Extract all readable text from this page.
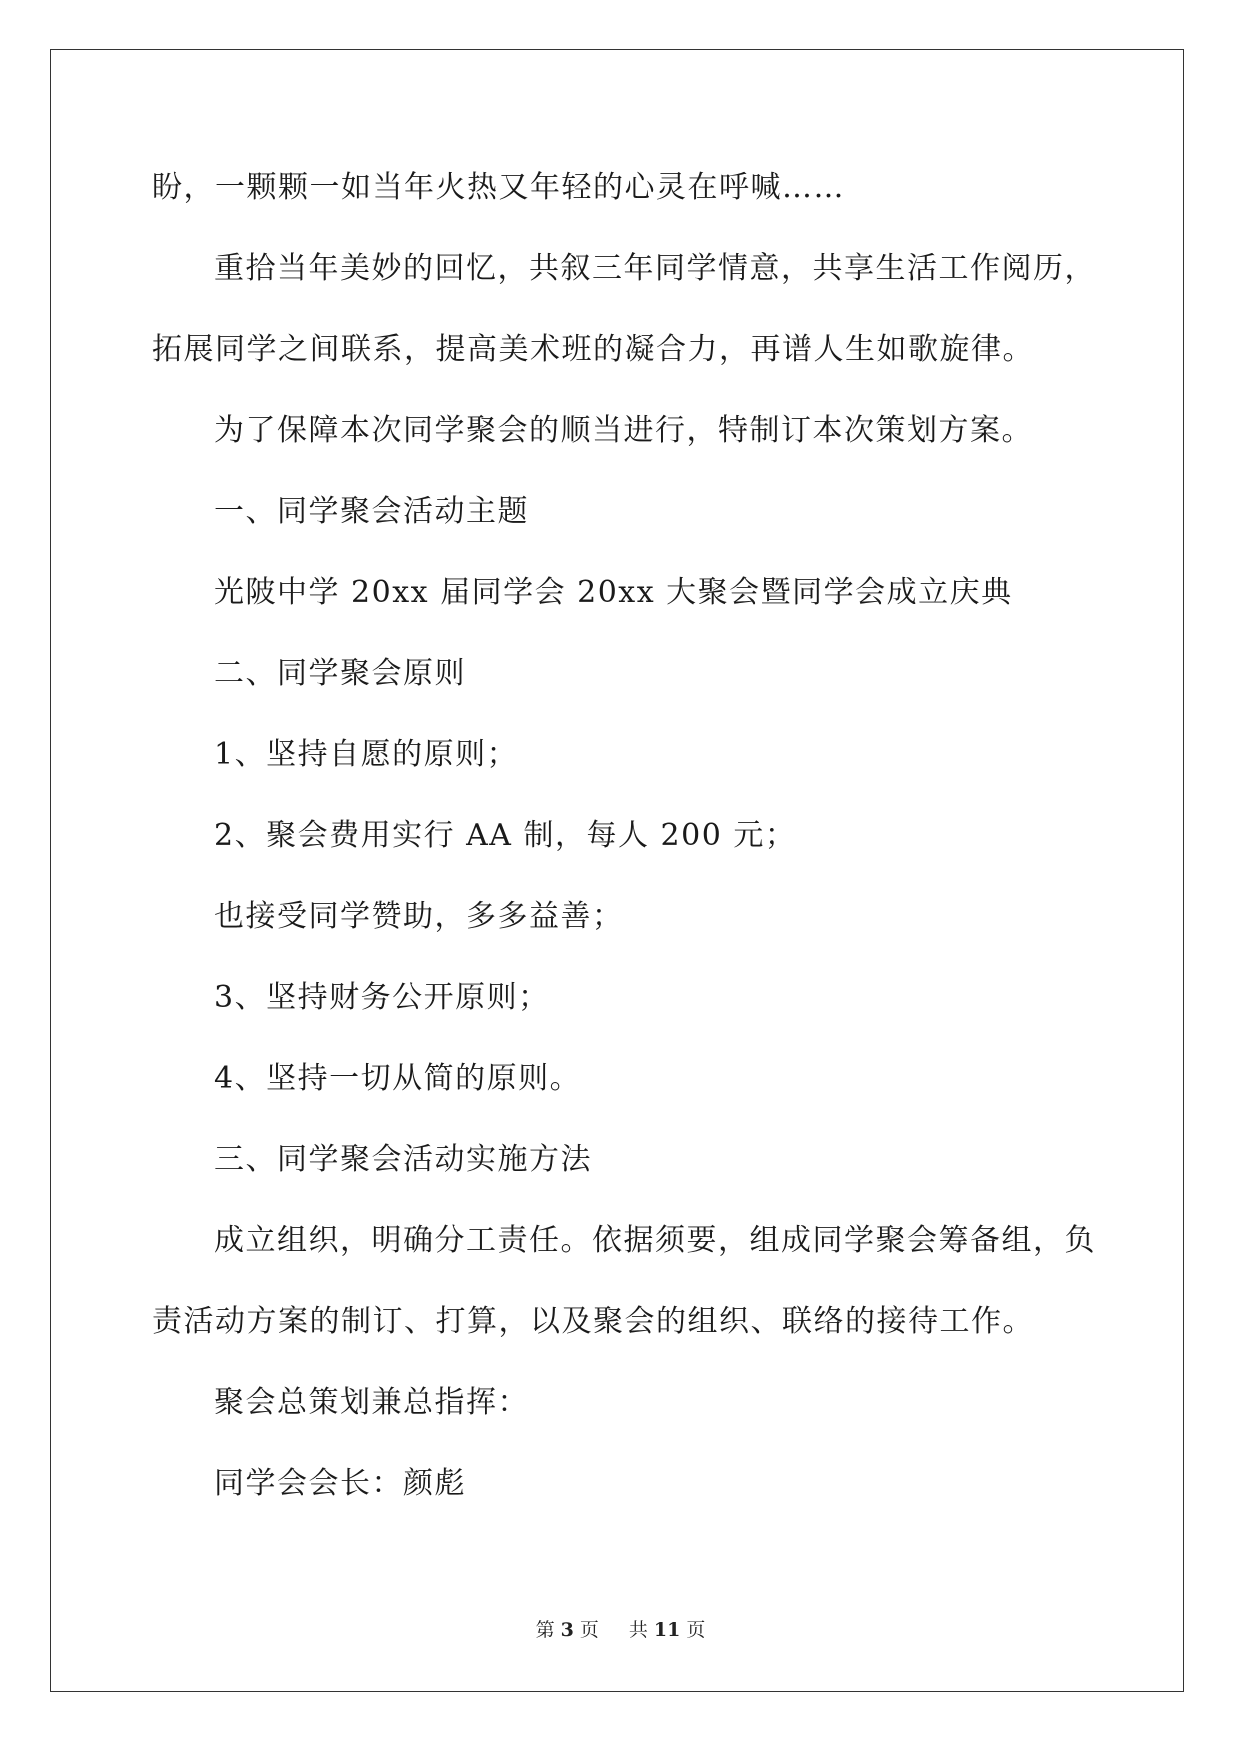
盼，一颗颗一如当年火热又年轻的心灵在呼喊……
重拾当年美妙的回忆，共叙三年同学情意，共享生活工作阅历，
拓展同学之间联系，提高美术班的凝合力，再谱人生如歌旋律。
为了保障本次同学聚会的顺当进行，特制订本次策划方案。
一、同学聚会活动主题
光陂中学 20xx 届同学会 20xx 大聚会暨同学会成立庆典
二、同学聚会原则
1、坚持自愿的原则；
2、聚会费用实行 AA 制，每人 200 元；
也接受同学赞助，多多益善；
3、坚持财务公开原则；
4、坚持一切从简的原则。
三、同学聚会活动实施方法
成立组织，明确分工责任。依据须要，组成同学聚会筹备组，负
责活动方案的制订、打算，以及聚会的组织、联络的接待工作。
聚会总策划兼总指挥：
同学会会长：颜彪
第 3 页 共 11 页
